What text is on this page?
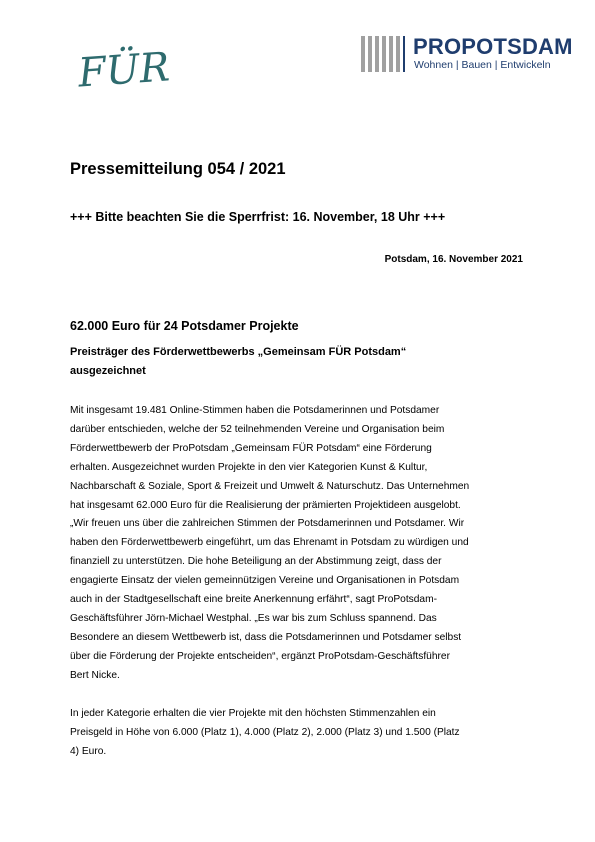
FÜR	PROPOTSDAM
Wohnen | Bauen | Entwickeln
Pressemitteilung 054 / 2021
+++ Bitte beachten Sie die Sperrfrist: 16. November, 18 Uhr +++
Potsdam, 16. November 2021
62.000 Euro für 24 Potsdamer Projekte
Preisträger des Förderwettbewerbs „Gemeinsam FÜR Potsdam“
ausgezeichnet
Mit insgesamt 19.481 Online-Stimmen haben die Potsdamerinnen und Potsdamer
darüber entschieden, welche der 52 teilnehmenden Vereine und Organisation beim
Förderwettbewerb der ProPotsdam „Gemeinsam FÜR Potsdam“ eine Förderung
erhalten. Ausgezeichnet wurden Projekte in den vier Kategorien Kunst & Kultur,
Nachbarschaft & Soziale, Sport & Freizeit und Umwelt & Naturschutz. Das Unternehmen
hat insgesamt 62.000 Euro für die Realisierung der prämierten Projektideen ausgelobt.
„Wir freuen uns über die zahlreichen Stimmen der Potsdamerinnen und Potsdamer. Wir
haben den Förderwettbewerb eingeführt, um das Ehrenamt in Potsdam zu würdigen und
finanziell zu unterstützen. Die hohe Beteiligung an der Abstimmung zeigt, dass der
engagierte Einsatz der vielen gemeinnützigen Vereine und Organisationen in Potsdam
auch in der Stadtgesellschaft eine breite Anerkennung erfährt“, sagt ProPotsdam-
Geschäftsführer Jörn-Michael Westphal. „Es war bis zum Schluss spannend. Das
Besondere an diesem Wettbewerb ist, dass die Potsdamerinnen und Potsdamer selbst
über die Förderung der Projekte entscheiden“, ergänzt ProPotsdam-Geschäftsführer
Bert Nicke.
In jeder Kategorie erhalten die vier Projekte mit den höchsten Stimmenzahlen ein
Preisgeld in Höhe von 6.000 (Platz 1), 4.000 (Platz 2), 2.000 (Platz 3) und 1.500 (Platz
4) Euro.
